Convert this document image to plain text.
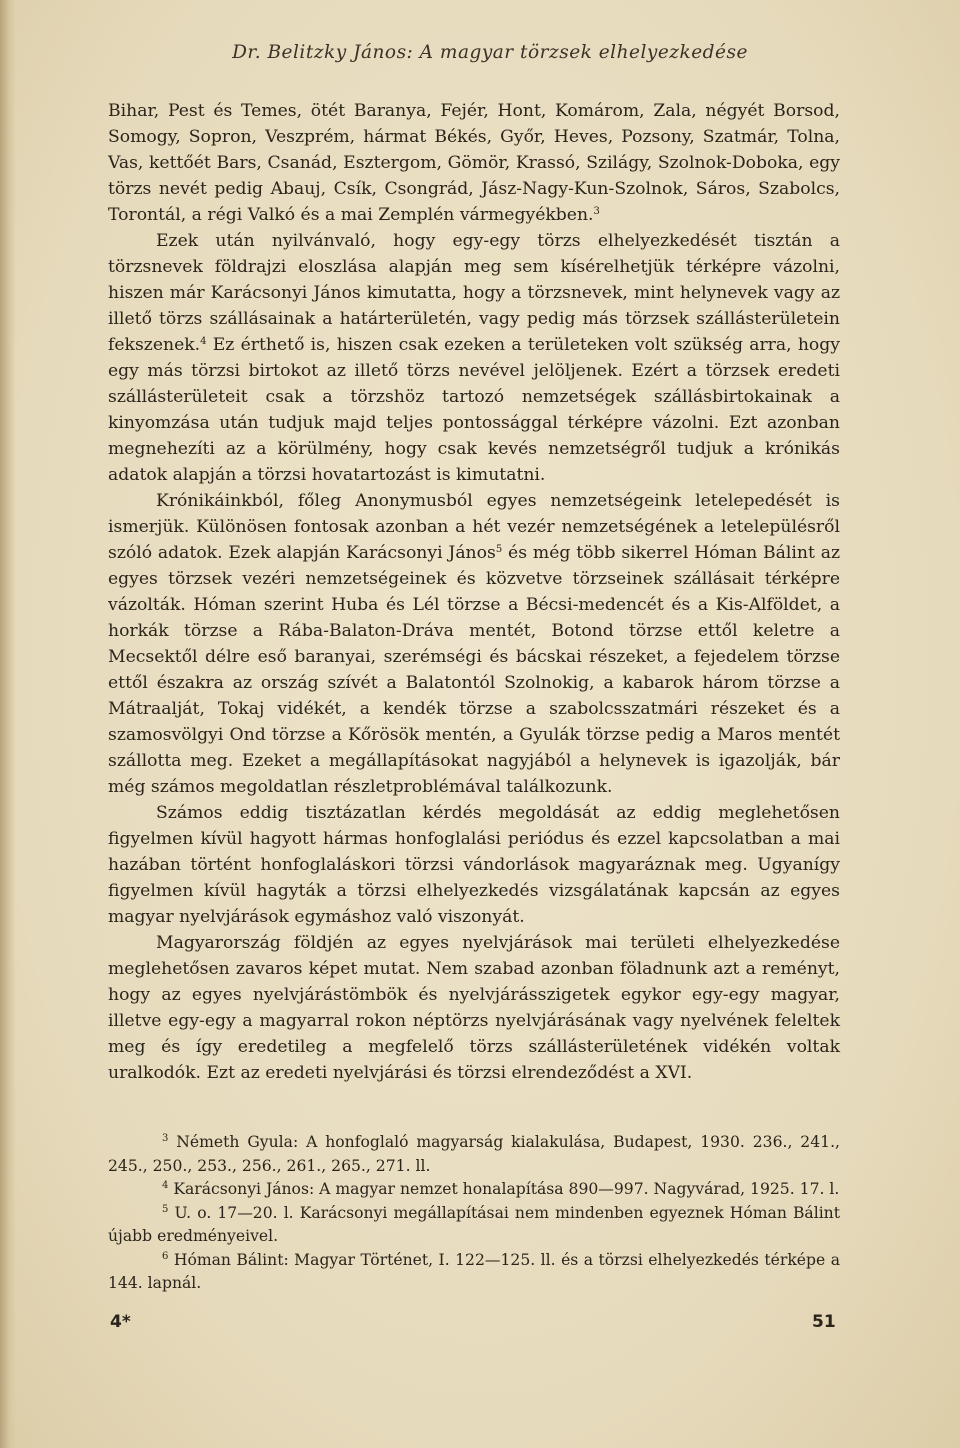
Dr. Belitzky János: A magyar törzsek elhelyezkedése

Bihar, Pest és Temes, ötét Baranya, Fejér, Hont, Komárom, Zala, négyét Borsod, Somogy, Sopron, Veszprém, hármat Békés, Győr, Heves, Pozsony, Szatmár, Tolna, Vas, kettőét Bars, Csanád, Esztergom, Gömör, Krassó, Szilágy, Szolnok-Doboka, egy törzs nevét pedig Abauj, Csík, Csongrád, Jász-Nagy-Kun-Szolnok, Sáros, Szabolcs, Torontál, a régi Valkó és a mai Zemplén vármegyékben.$^3$

Ezek után nyilvánvaló, hogy egy-egy törzs elhelyezkedését tisztán a törzsnevek földrajzi eloszlása alapján meg sem kísérelhetjük térképre vázolni, hiszen már Karácsonyi János kimutatta, hogy a törzsnevek, mint helynevek vagy az illető törzs szállásainak a határterületén, vagy pedig más törzsek szállásterületein fekszenek.$^4$ Ez érthető is, hiszen csak ezeken a területeken volt szükség arra, hogy egy más törzsi birtokot az illető törzs nevével jelöljenek. Ezért a törzsek eredeti szállásterületeit csak a törzshöz tartozó nemzetségek szállásbirtokainak a kinyomzása után tudjuk majd teljes pontossággal térképre vázolni. Ezt azonban megnehezíti az a körülmény, hogy csak kevés nemzetségről tudjuk a krónikás adatok alapján a törzsi hovatartozást is kimutatni.

Krónikáinkból, főleg Anonymusból egyes nemzetségeink letelepedését is ismerjük. Különösen fontosak azonban a hét vezér nemzetségének a letelepülésről szóló adatok. Ezek alapján Karácsonyi János$^5$ és még több sikerrel Hóman Bálint az egyes törzsek vezéri nemzetségeinek és közvetve törzseinek szállásait térképre vázolták. Hóman szerint Huba és Lél törzse a Bécsi-medencét és a Kis-Alföldet, a horkák törzse a Rába-Balaton-Dráva mentét, Botond törzse ettől keletre a Mecsektől délre eső baranyai, szerémségi és bácskai részeket, a fejedelem törzse ettől északra az ország szívét a Balatontól Szolnokig, a kabarok három törzse a Mátraalját, Tokaj vidékét, a kendék törzse a szabolcsszatmári részeket és a szamosvölgyi Ond törzse a Kőrösök mentén, a Gyulák törzse pedig a Maros mentét szállotta meg. Ezeket a megállapításokat nagyjából a helynevek is igazolják, bár még számos megoldatlan részletproblémával találkozunk.

Számos eddig tisztázatlan kérdés megoldását az eddig meglehetősen figyelmen kívül hagyott hármas honfoglalási periódus és ezzel kapcsolatban a mai hazában történt honfoglaláskori törzsi vándorlások magyaráznak meg. Ugyanígy figyelmen kívül hagyták a törzsi elhelyezkedés vizsgálatának kapcsán az egyes magyar nyelvjárások egymáshoz való viszonyát.

Magyarország földjén az egyes nyelvjárások mai területi elhelyezkedése meglehetősen zavaros képet mutat. Nem szabad azonban föladnunk azt a reményt, hogy az egyes nyelvjárástömbök és nyelvjárásszigetek egykor egy-egy magyar, illetve egy-egy a magyarral rokon néptörzs nyelvjárásának vagy nyelvének feleltek meg és így eredetileg a megfelelő törzs szállásterületének vidékén voltak uralkodók. Ezt az eredeti nyelvjárási és törzsi elrendeződést a XVI.

$^3$ Németh Gyula: A honfoglaló magyarság kialakulása, Budapest, 1930. 236., 241., 245., 250., 253., 256., 261., 265., 271. ll.

$^4$ Karácsonyi János: A magyar nemzet honalapítása 890—997. Nagyvárad, 1925. 17. l.

$^5$ U. o. 17—20. l. Karácsonyi megállapításai nem mindenben egyeznek Hóman Bálint újabb eredményeivel.

$^6$ Hóman Bálint: Magyar Történet, I. 122—125. ll. és a törzsi elhelyezkedés térképe a 144. lapnál.

4*	51
